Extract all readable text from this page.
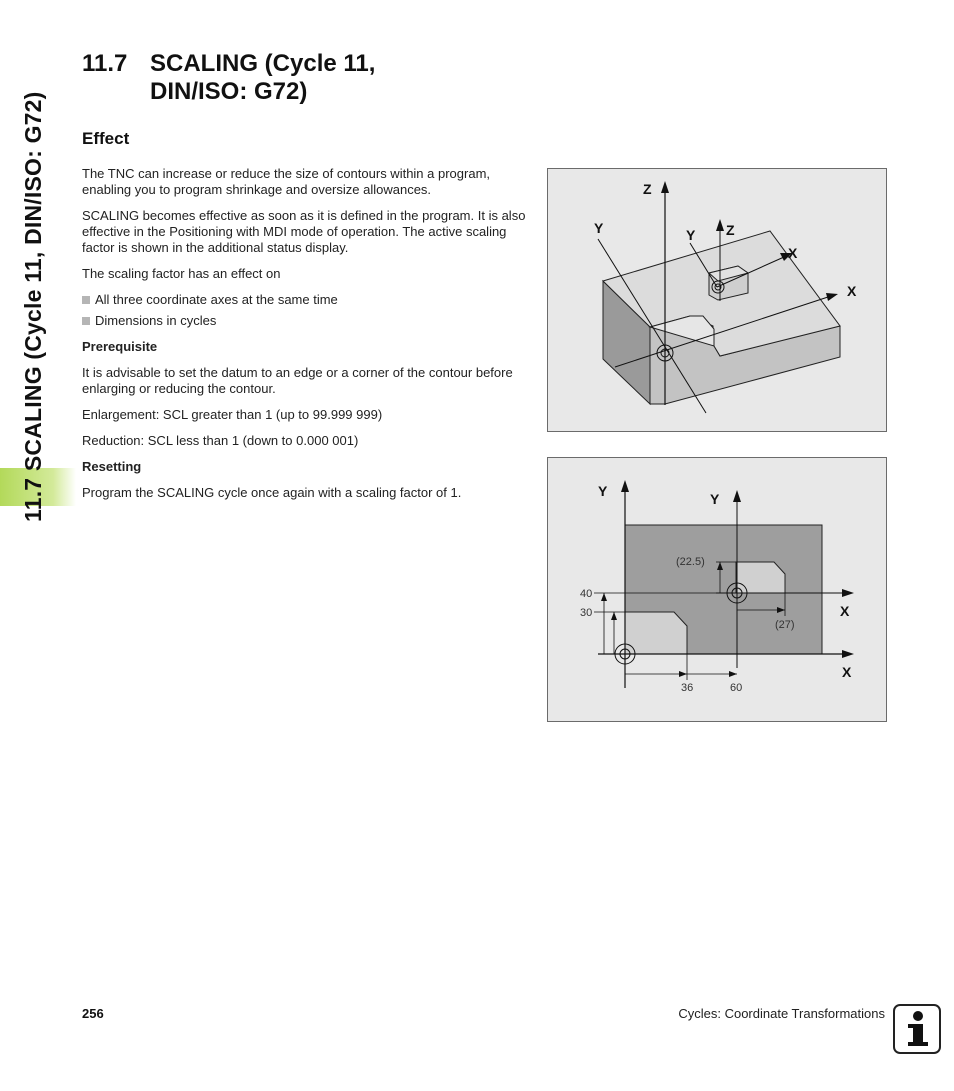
11.7 SCALING (Cycle 11, DIN/ISO: G72)
11.7 SCALING (Cycle 11,
DIN/ISO: G72)
Effect

The TNC can increase or reduce the size of contours within a program, enabling you to program shrinkage and oversize allowances.

SCALING becomes effective as soon as it is defined in the program. It is also effective in the Positioning with MDI mode of operation. The active scaling factor is shown in the additional status display.

The scaling factor has an effect on

All three coordinate axes at the same time
Dimensions in cycles
Prerequisite

It is advisable to set the datum to an edge or a corner of the contour before enlarging or reducing the contour.

Enlargement: SCL greater than 1 (up to 99.999 999)

Reduction: SCL less than 1 (down to 0.000 001)

Resetting

Program the SCALING cycle once again with a scaling factor of 1.

Z
Y	Y Z
X
X
Y	Y
X
X
40
30
(22.5)
(27)
36	60
256	Cycles: Coordinate Transformations
